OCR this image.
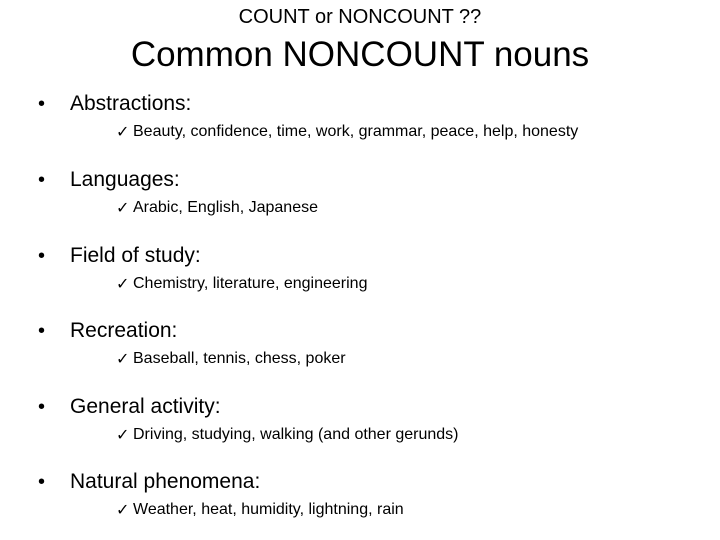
COUNT or NONCOUNT ??
Common NONCOUNT nouns
•	Abstractions:
✓ Beauty, confidence, time, work, grammar, peace, help, honesty
•	Languages:
✓ Arabic, English, Japanese
•	Field of study:
✓ Chemistry, literature, engineering
•	Recreation:
✓ Baseball, tennis, chess, poker
•	General activity:
✓ Driving, studying, walking (and other gerunds)
•	Natural phenomena:
✓ Weather, heat, humidity, lightning, rain
